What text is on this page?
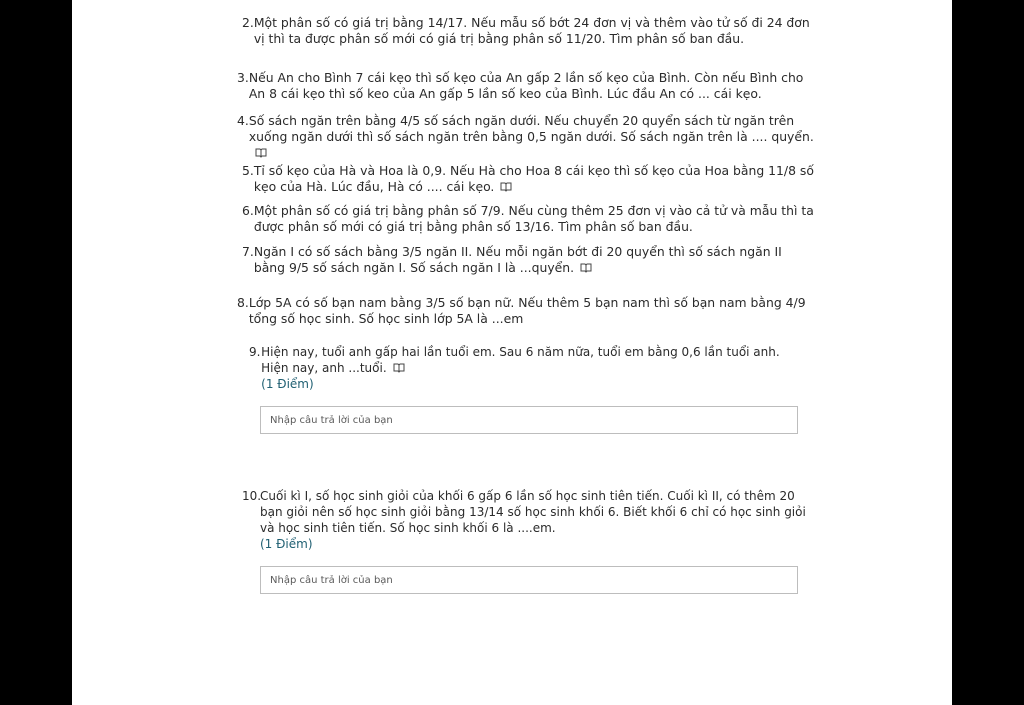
2. Một phân số có giá trị bằng 14/17. Nếu mẫu số bớt 24 đơn vị và thêm vào tử số đi 24 đơn vị thì ta được phân số mới có giá trị bằng phân số 11/20. Tìm phân số ban đầu.
3. Nếu An cho Bình 7 cái kẹo thì số kẹo của An gấp 2 lần số kẹo của Bình. Còn nếu Bình cho An 8 cái kẹo thì số keo của An gấp 5 lần số keo của Bình. Lúc đầu An có ... cái kẹo.
4. Số sách ngăn trên bằng 4/5 số sách ngăn dưới. Nếu chuyển 20 quyển sách từ ngăn trên xuống ngăn dưới thì số sách ngăn trên bằng 0,5 ngăn dưới. Số sách ngăn trên là .... quyển.
5. Tỉ số kẹo của Hà và Hoa là 0,9. Nếu Hà cho Hoa 8 cái kẹo thì số kẹo của Hoa bằng 11/8 số kẹo của Hà. Lúc đầu, Hà có .... cái kẹo.
6. Một phân số có giá trị bằng phân số 7/9. Nếu cùng thêm 25 đơn vị vào cả tử và mẫu thì ta được phân số mới có giá trị bằng phân số 13/16. Tìm phân số ban đầu.
7. Ngăn I có số sách bằng 3/5 ngăn II. Nếu mỗi ngăn bớt đi 20 quyển thì số sách ngăn II bằng 9/5 số sách ngăn I. Số sách ngăn I là ...quyển.
8. Lớp 5A có số bạn nam bằng 3/5 số bạn nữ. Nếu thêm 5 bạn nam thì số bạn nam bằng 4/9 tổng số học sinh. Số học sinh lớp 5A là ...em
9. Hiện nay, tuổi anh gấp hai lần tuổi em. Sau 6 năm nữa, tuổi em bằng 0,6 lần tuổi anh. Hiện nay, anh ...tuổi.
(1 Điểm)
Nhập câu trả lời của bạn
10.
Cuối kì I, số học sinh giỏi của khối 6 gấp 6 lần số học sinh tiên tiến. Cuối kì II, có thêm 20 bạn giỏi nên số học sinh giỏi bằng 13/14 số học sinh khối 6. Biết khối 6 chỉ có học sinh giỏi và học sinh tiên tiến. Số học sinh khối 6 là ....em.
(1 Điểm)
Nhập câu trả lời của bạn
